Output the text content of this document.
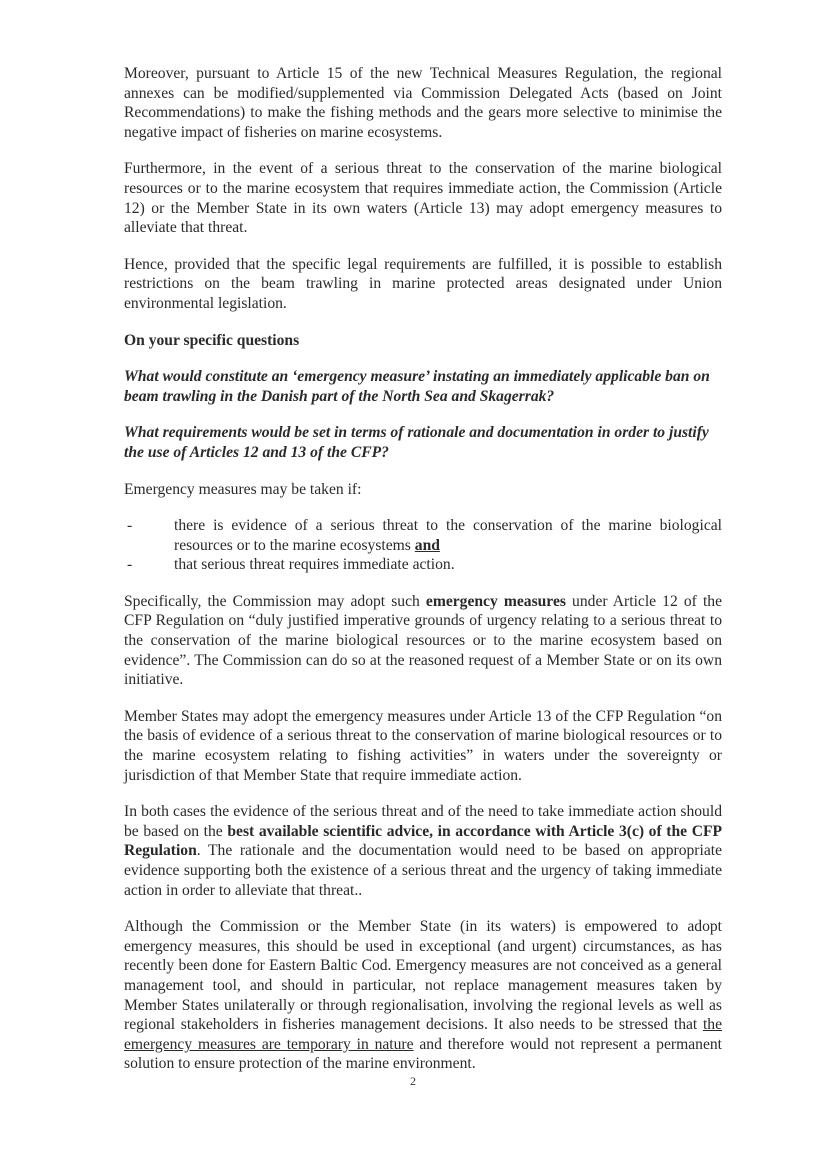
Moreover, pursuant to Article 15 of the new Technical Measures Regulation, the regional annexes can be modified/supplemented via Commission Delegated Acts (based on Joint Recommendations) to make the fishing methods and the gears more selective to minimise the negative impact of fisheries on marine ecosystems.

Furthermore, in the event of a serious threat to the conservation of the marine biological resources or to the marine ecosystem that requires immediate action, the Commission (Article 12) or the Member State in its own waters (Article 13) may adopt emergency measures to alleviate that threat.

Hence, provided that the specific legal requirements are fulfilled, it is possible to establish restrictions on the beam trawling in marine protected areas designated under Union environmental legislation.

On your specific questions
What would constitute an ‘emergency measure’ instating an immediately applicable ban on beam trawling in the Danish part of the North Sea and Skagerrak?
What requirements would be set in terms of rationale and documentation in order to justify the use of Articles 12 and 13 of the CFP?

Emergency measures may be taken if:

-	there is evidence of a serious threat to the conservation of the marine biological resources or to the marine ecosystems and
-	that serious threat requires immediate action.

Specifically, the Commission may adopt such emergency measures under Article 12 of the CFP Regulation on “duly justified imperative grounds of urgency relating to a serious threat to the conservation of the marine biological resources or to the marine ecosystem based on evidence”. The Commission can do so at the reasoned request of a Member State or on its own initiative.

Member States may adopt the emergency measures under Article 13 of the CFP Regulation “on the basis of evidence of a serious threat to the conservation of marine biological resources or to the marine ecosystem relating to fishing activities” in waters under the sovereignty or jurisdiction of that Member State that require immediate action.

In both cases the evidence of the serious threat and of the need to take immediate action should be based on the best available scientific advice, in accordance with Article 3(c) of the CFP Regulation. The rationale and the documentation would need to be based on appropriate evidence supporting both the existence of a serious threat and the urgency of taking immediate action in order to alleviate that threat..

Although the Commission or the Member State (in its waters) is empowered to adopt emergency measures, this should be used in exceptional (and urgent) circumstances, as has recently been done for Eastern Baltic Cod. Emergency measures are not conceived as a general management tool, and should in particular, not replace management measures taken by Member States unilaterally or through regionalisation, involving the regional levels as well as regional stakeholders in fisheries management decisions. It also needs to be stressed that the emergency measures are temporary in nature and therefore would not represent a permanent solution to ensure protection of the marine environment.

2
